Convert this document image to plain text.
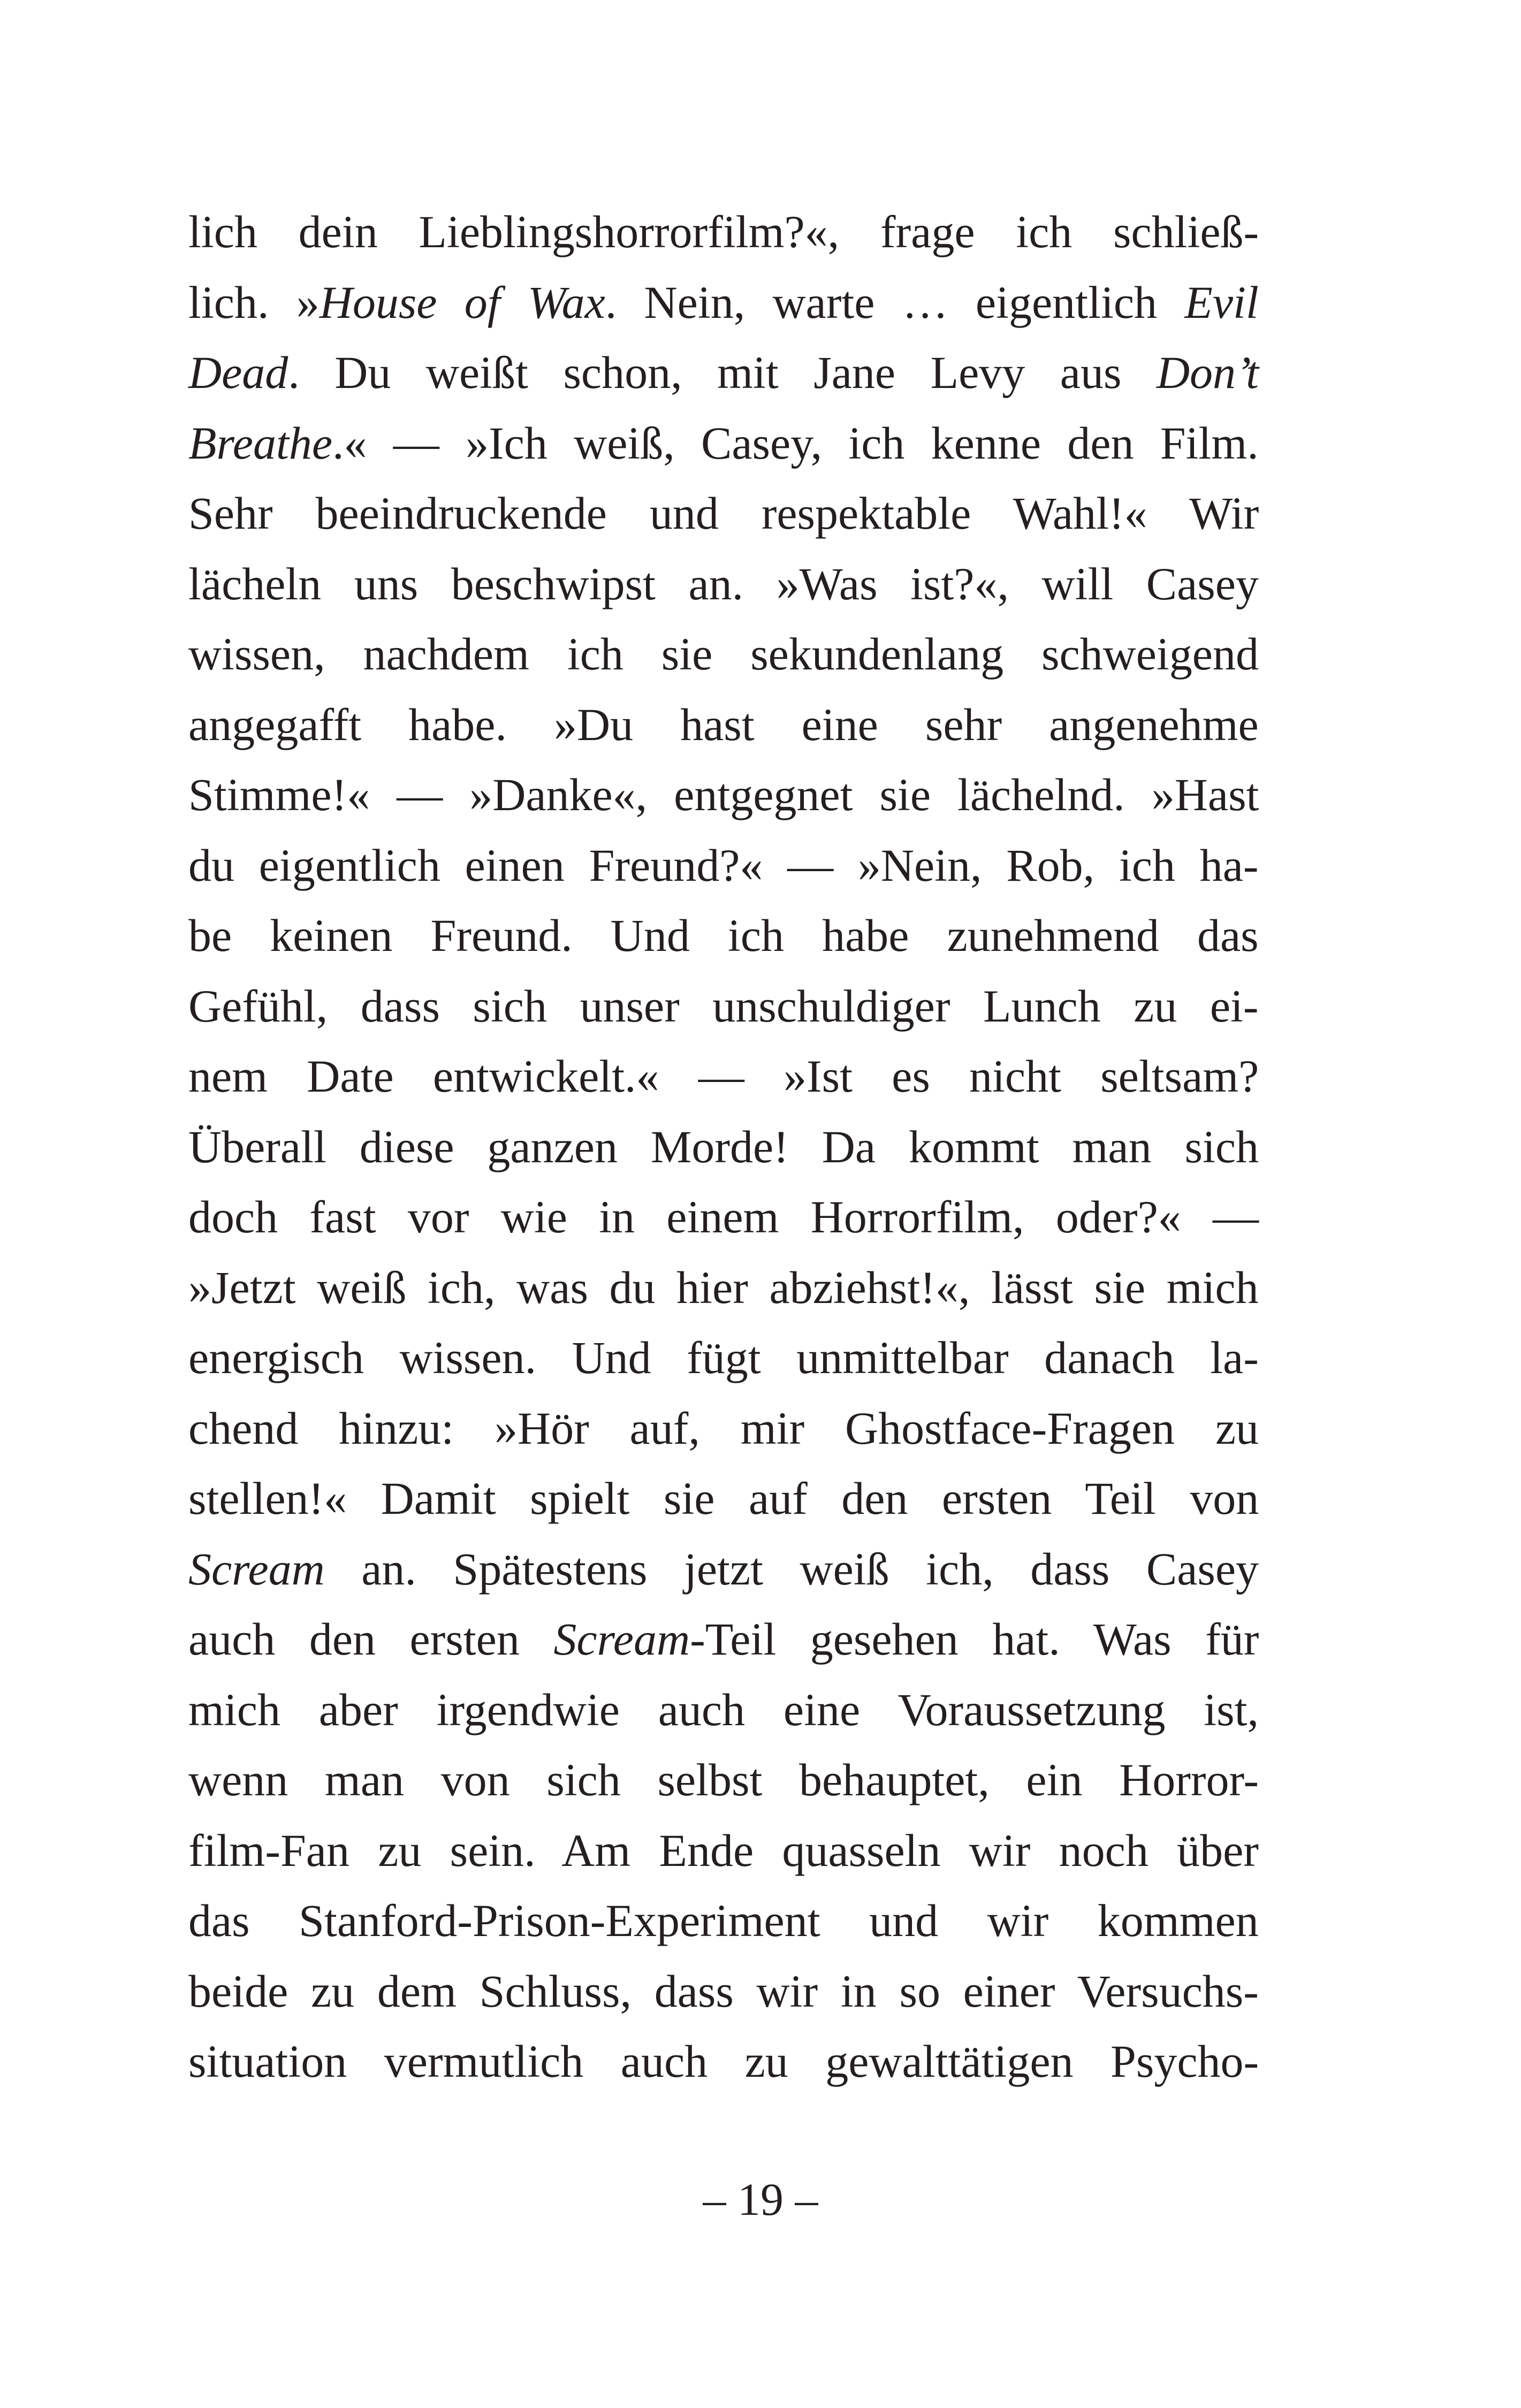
lich dein Lieblingshorrorfilm?«, frage ich schließ-
lich. »House of Wax. Nein, warte … eigentlich Evil
Dead. Du weißt schon, mit Jane Levy aus Don’t
Breathe.« — »Ich weiß, Casey, ich kenne den Film.
Sehr beeindruckende und respektable Wahl!« Wir
lächeln uns beschwipst an. »Was ist?«, will Casey
wissen, nachdem ich sie sekundenlang schweigend
angegafft habe. »Du hast eine sehr angenehme
Stimme!« — »Danke«, entgegnet sie lächelnd. »Hast
du eigentlich einen Freund?« — »Nein, Rob, ich ha-
be keinen Freund. Und ich habe zunehmend das
Gefühl, dass sich unser unschuldiger Lunch zu ei-
nem Date entwickelt.« — »Ist es nicht seltsam?
Überall diese ganzen Morde! Da kommt man sich
doch fast vor wie in einem Horrorfilm, oder?« —
»Jetzt weiß ich, was du hier abziehst!«, lässt sie mich
energisch wissen. Und fügt unmittelbar danach la-
chend hinzu: »Hör auf, mir Ghostface-Fragen zu
stellen!« Damit spielt sie auf den ersten Teil von
Scream an. Spätestens jetzt weiß ich, dass Casey
auch den ersten Scream-Teil gesehen hat. Was für
mich aber irgendwie auch eine Voraussetzung ist,
wenn man von sich selbst behauptet, ein Horror-
film-Fan zu sein. Am Ende quasseln wir noch über
das Stanford-Prison-Experiment und wir kommen
beide zu dem Schluss, dass wir in so einer Versuchs-
situation vermutlich auch zu gewalttätigen Psycho-
– 19 –
